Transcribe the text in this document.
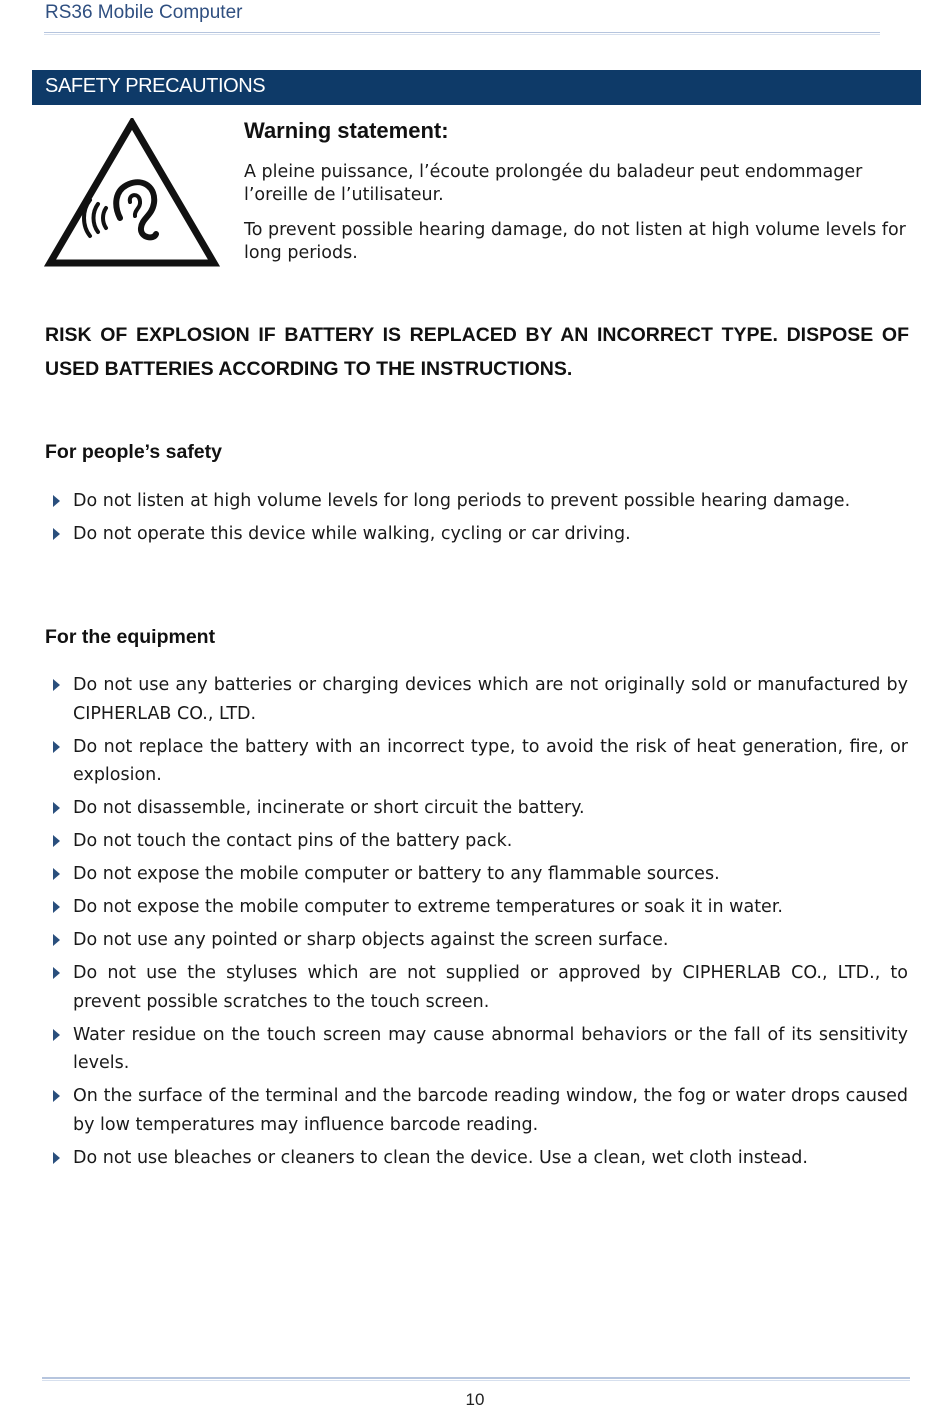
RS36 Mobile Computer
SAFETY PRECAUTIONS
Warning statement:
A pleine puissance, l’écoute prolongée du baladeur peut endommager l’oreille de l’utilisateur.
To prevent possible hearing damage, do not listen at high volume levels for long periods.
RISK OF EXPLOSION IF BATTERY IS REPLACED BY AN INCORRECT TYPE. DISPOSE OF USED BATTERIES ACCORDING TO THE INSTRUCTIONS.
For people’s safety
Do not listen at high volume levels for long periods to prevent possible hearing damage.
Do not operate this device while walking, cycling or car driving.
For the equipment
Do not use any batteries or charging devices which are not originally sold or manufactured by CIPHERLAB CO., LTD.
Do not replace the battery with an incorrect type, to avoid the risk of heat generation, fire, or explosion.
Do not disassemble, incinerate or short circuit the battery.
Do not touch the contact pins of the battery pack.
Do not expose the mobile computer or battery to any flammable sources.
Do not expose the mobile computer to extreme temperatures or soak it in water.
Do not use any pointed or sharp objects against the screen surface.
Do not use the styluses which are not supplied or approved by CIPHERLAB CO., LTD., to prevent possible scratches to the touch screen.
Water residue on the touch screen may cause abnormal behaviors or the fall of its sensitivity levels.
On the surface of the terminal and the barcode reading window, the fog or water drops caused by low temperatures may influence barcode reading.
Do not use bleaches or cleaners to clean the device. Use a clean, wet cloth instead.
10
